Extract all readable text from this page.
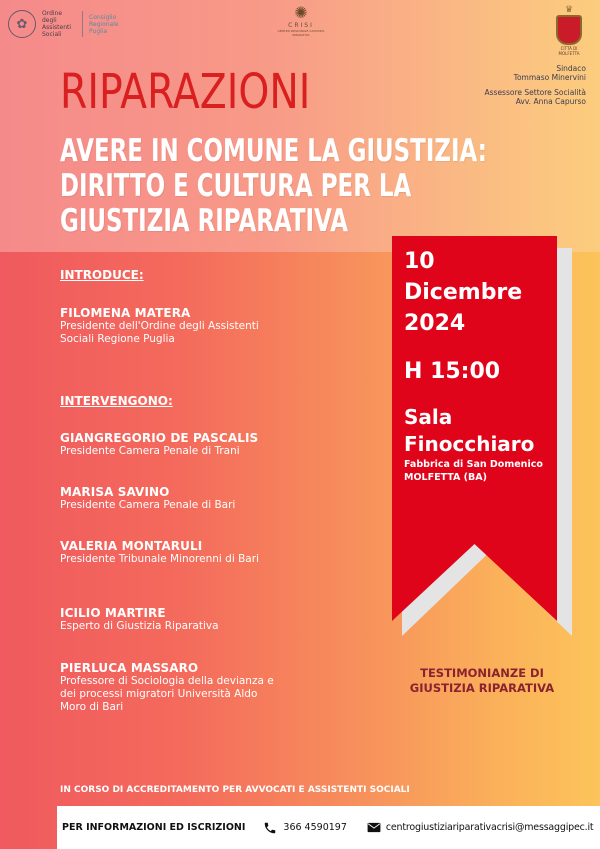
✿
Ordine degli
Assistenti
Sociali
Consiglio
Regionale
Puglia
✺
CRISI
CENTRO REGIONALE GIUSTIZIA RIPARATIVA
♛
CITTÀ DI MOLFETTA
Sindaco
Tommaso Minervini
Assessore Settore Socialità
Avv. Anna Capurso
RIPARAZIONI
AVERE IN COMUNE LA GIUSTIZIA:
DIRITTO E CULTURA PER LA
GIUSTIZIA RIPARATIVA
INTRODUCE:
FILOMENA MATERA
Presidente dell'Ordine degli Assistenti Sociali Regione Puglia
INTERVENGONO:
GIANGREGORIO DE PASCALIS
Presidente Camera Penale di Trani
MARISA SAVINO
Presidente Camera Penale di Bari
VALERIA MONTARULI
Presidente Tribunale Minorenni di Bari
ICILIO MARTIRE
Esperto di Giustizia Riparativa
PIERLUCA MASSARO
Professore di Sociologia della devianza e dei processi migratori Università Aldo Moro di Bari
10
Dicembre
2024
H 15:00
Sala
Finocchiaro
Fabbrica di San Domenico
MOLFETTA (BA)
TESTIMONIANZE DI
GIUSTIZIA RIPARATIVA
IN CORSO DI ACCREDITAMENTO PER AVVOCATI E ASSISTENTI SOCIALI
PER INFORMAZIONI ED ISCRIZIONI	366 4590197	centrogiustiziariparativacrisi@messaggipec.it
